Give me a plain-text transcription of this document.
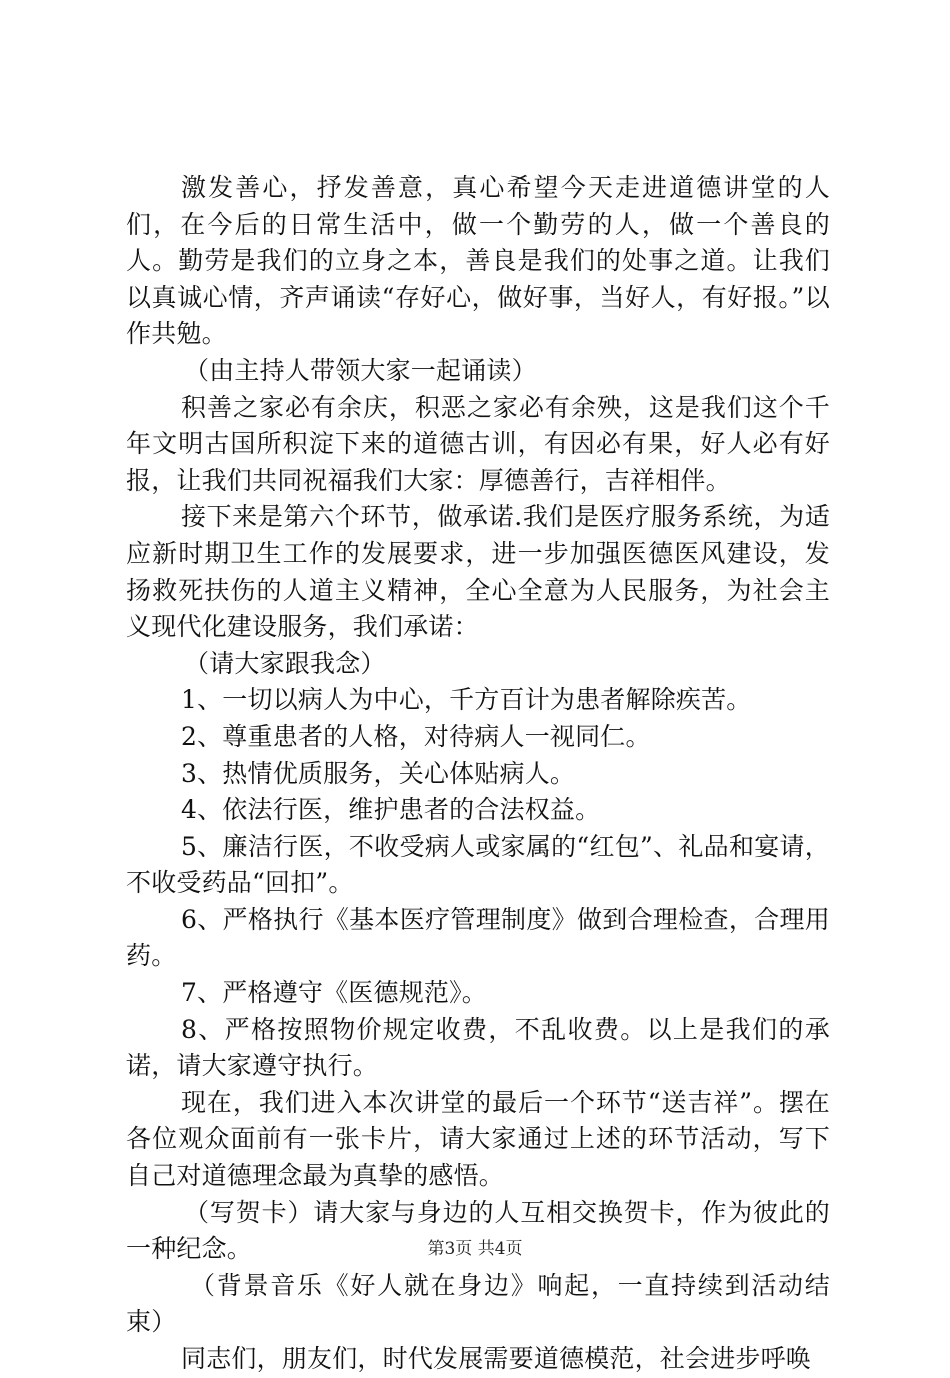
激发善心，抒发善意，真心希望今天走进道德讲堂的人们，在今后的日常生活中，做一个勤劳的人，做一个善良的人。勤劳是我们的立身之本，善良是我们的处事之道。让我们以真诚心情，齐声诵读“存好心，做好事，当好人，有好报。”以作共勉。

（由主持人带领大家一起诵读）

积善之家必有余庆，积恶之家必有余殃，这是我们这个千年文明古国所积淀下来的道德古训，有因必有果，好人必有好报，让我们共同祝福我们大家：厚德善行，吉祥相伴。

接下来是第六个环节，做承诺.我们是医疗服务系统，为适应新时期卫生工作的发展要求，进一步加强医德医风建设，发扬救死扶伤的人道主义精神，全心全意为人民服务，为社会主义现代化建设服务，我们承诺：

（请大家跟我念）

1、一切以病人为中心，千方百计为患者解除疾苦。

2、尊重患者的人格，对待病人一视同仁。

3、热情优质服务，关心体贴病人。

4、依法行医，维护患者的合法权益。

5、廉洁行医，不收受病人或家属的“红包”、礼品和宴请，不收受药品“回扣”。

6、严格执行《基本医疗管理制度》做到合理检查，合理用药。

7、严格遵守《医德规范》。

8、严格按照物价规定收费，不乱收费。以上是我们的承诺，请大家遵守执行。

现在，我们进入本次讲堂的最后一个环节“送吉祥”。摆在各位观众面前有一张卡片，请大家通过上述的环节活动，写下自己对道德理念最为真挚的感悟。

（写贺卡）请大家与身边的人互相交换贺卡，作为彼此的一种纪念。

（背景音乐《好人就在身边》响起，一直持续到活动结束）

同志们，朋友们，时代发展需要道德模范，社会进步呼唤

第3页 共4页
